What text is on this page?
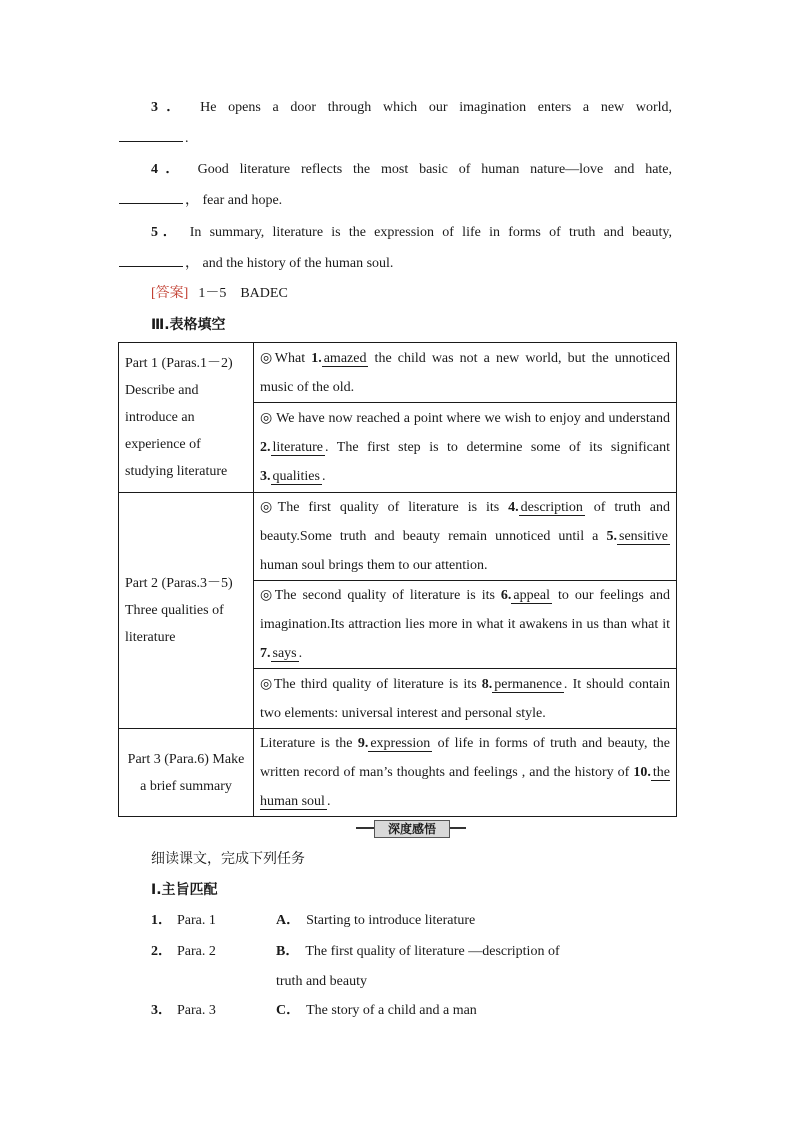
3． He opens a door through which our imagination enters a new world,
.
4． Good literature reflects the most basic of human nature—love and hate,
， fear and hope.
5． In summary, literature is the expression of life in forms of truth and beauty,
， and the history of the human soul.
[答案] 1－5　BADEC
Ⅲ.表格填空
Part 1 (Paras.1－2) Describe and introduce an experience of studying literature	◎What 1. amazed the child was not a new world, but the unnoticed music of the old.
	◎ We have now reached a point where we wish to enjoy and understand 2. literature . The first step is to determine some of its significant 3. qualities .
Part 2 (Paras.3－5) Three qualities of literature	◎The first quality of literature is its 4. description of truth and beauty.Some truth and beauty remain unnoticed until a 5. sensitive human soul brings them to our attention.
	◎The second quality of literature is its 6. appeal to our feelings and imagination.Its attraction lies more in what it awakens in us than what it 7. says .
	◎The third quality of literature is its 8. permanence . It should contain two elements: universal interest and personal style.
Part 3 (Para.6) Make a brief summary	Literature is the 9. expression of life in forms of truth and beauty, the written record of man’s thoughts and feelings , and the history of 10. the human soul .
深度感悟
细读课文，完成下列任务
Ⅰ.主旨匹配
1． Para. 1	A． Starting to introduce literature
2． Para. 2	B． The first quality of literature —description of truth and beauty
3． Para. 3	C． The story of a child and a man
